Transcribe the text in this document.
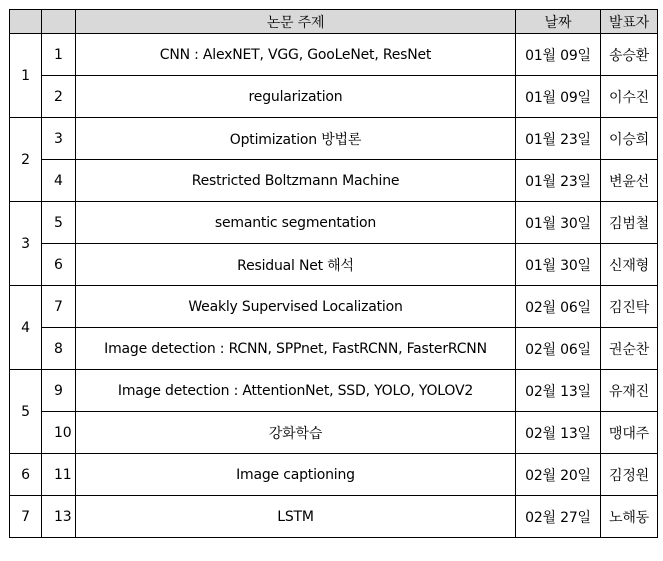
		논문 주제	날짜	발표자
1	1	CNN : AlexNET, VGG, GooLeNet, ResNet	01월 09일	송승환
	2	regularization	01월 09일	이수진
2	3	Optimization 방법론	01월 23일	이승희
	4	Restricted Boltzmann Machine	01월 23일	변윤선
3	5	semantic segmentation	01월 30일	김범철
	6	Residual Net 해석	01월 30일	신재형
4	7	Weakly Supervised Localization	02월 06일	김진탁
	8	Image detection : RCNN, SPPnet, FastRCNN, FasterRCNN	02월 06일	권순찬
5	9	Image detection : AttentionNet, SSD, YOLO, YOLOV2	02월 13일	유재진
	10	강화학습	02월 13일	맹대주
6	11	Image captioning	02월 20일	김정원
7	13	LSTM	02월 27일	노해동
